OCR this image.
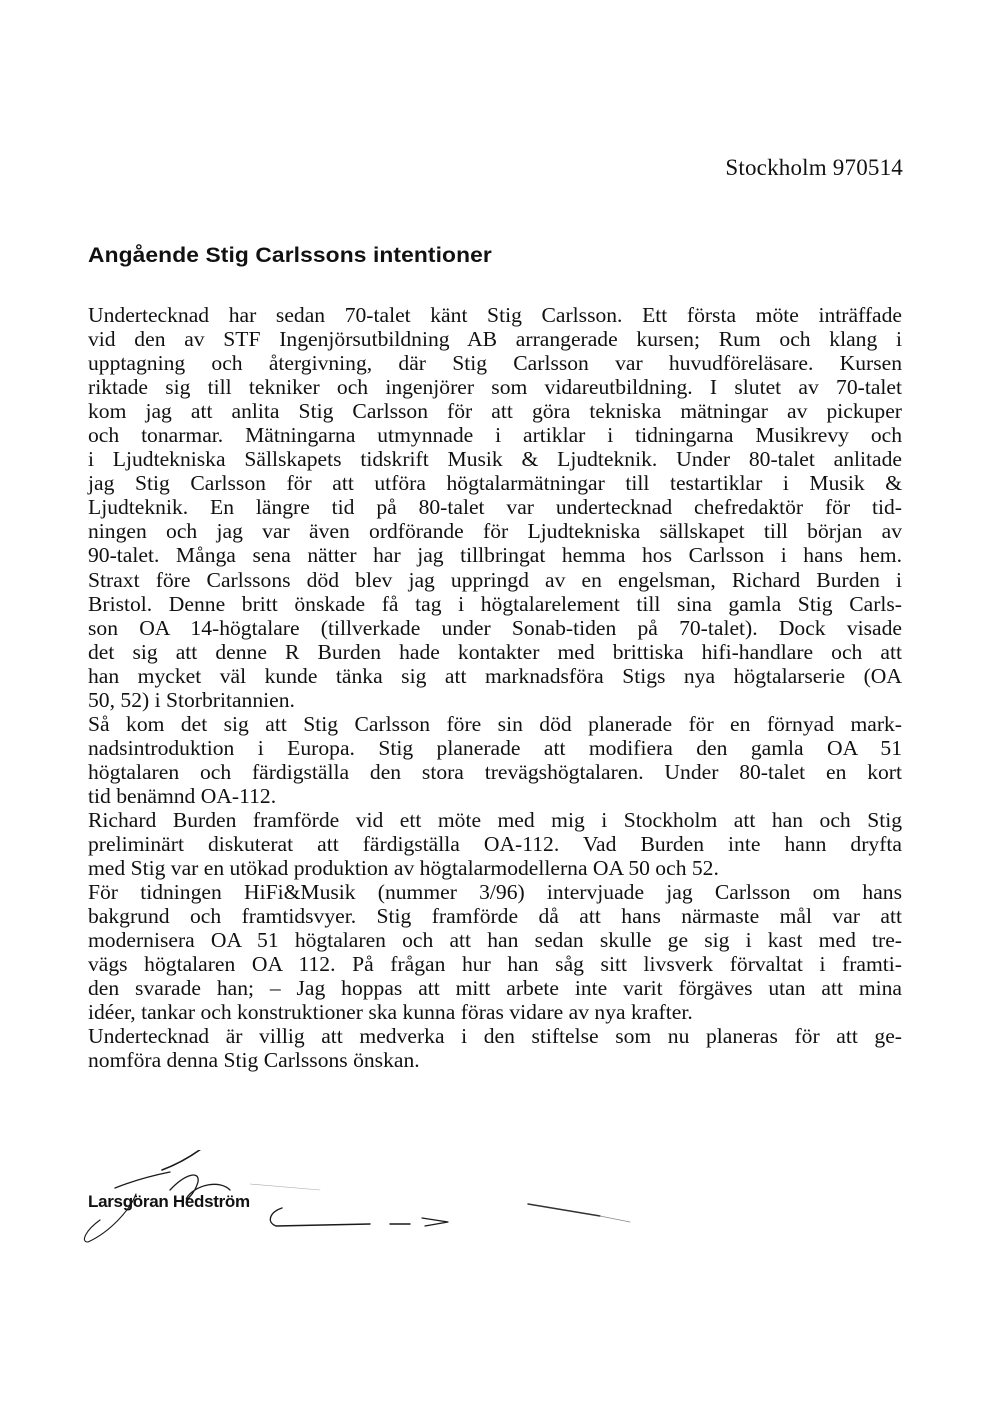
Stockholm 970514
Angående Stig Carlssons intentioner
Undertecknad har sedan 70-talet känt Stig Carlsson. Ett första möte inträffade
vid den av STF Ingenjörsutbildning AB arrangerade kursen; Rum och klang i
upptagning och återgivning, där Stig Carlsson var huvudföreläsare. Kursen
riktade sig till tekniker och ingenjörer som vidareutbildning. I slutet av 70-talet
kom jag att anlita Stig Carlsson för att göra tekniska mätningar av pickuper
och tonarmar. Mätningarna utmynnade i artiklar i tidningarna Musikrevy och
i Ljudtekniska Sällskapets tidskrift Musik & Ljudteknik. Under 80-talet anlitade
jag Stig Carlsson för att utföra högtalarmätningar till testartiklar i Musik &
Ljudteknik. En längre tid på 80-talet var undertecknad chefredaktör för tid-
ningen och jag var även ordförande för Ljudtekniska sällskapet till början av
90-talet. Många sena nätter har jag tillbringat hemma hos Carlsson i hans hem.
Straxt före Carlssons död blev jag uppringd av en engelsman, Richard Burden i
Bristol. Denne britt önskade få tag i högtalarelement till sina gamla Stig Carls-
son OA 14-högtalare (tillverkade under Sonab-tiden på 70-talet). Dock visade
det sig att denne R Burden hade kontakter med brittiska hifi-handlare och att
han mycket väl kunde tänka sig att marknadsföra Stigs nya högtalarserie (OA
50, 52) i Storbritannien.
Så kom det sig att Stig Carlsson före sin död planerade för en förnyad mark-
nadsintroduktion i Europa. Stig planerade att modifiera den gamla OA 51
högtalaren och färdigställa den stora trevägshögtalaren. Under 80-talet en kort
tid benämnd OA-112.
Richard Burden framförde vid ett möte med mig i Stockholm att han och Stig
preliminärt diskuterat att färdigställa OA-112. Vad Burden inte hann dryfta
med Stig var en utökad produktion av högtalarmodellerna OA 50 och 52.
För tidningen HiFi&Musik (nummer 3/96) intervjuade jag Carlsson om hans
bakgrund och framtidsvyer. Stig framförde då att hans närmaste mål var att
modernisera OA 51 högtalaren och att han sedan skulle ge sig i kast med tre-
vägs högtalaren OA 112. På frågan hur han såg sitt livsverk förvaltat i framti-
den svarade han; – Jag hoppas att mitt arbete inte varit förgäves utan att mina
idéer, tankar och konstruktioner ska kunna föras vidare av nya krafter.
Undertecknad är villig att medverka i den stiftelse som nu planeras för att ge-
nomföra denna Stig Carlssons önskan.
Larsgöran Hedström
